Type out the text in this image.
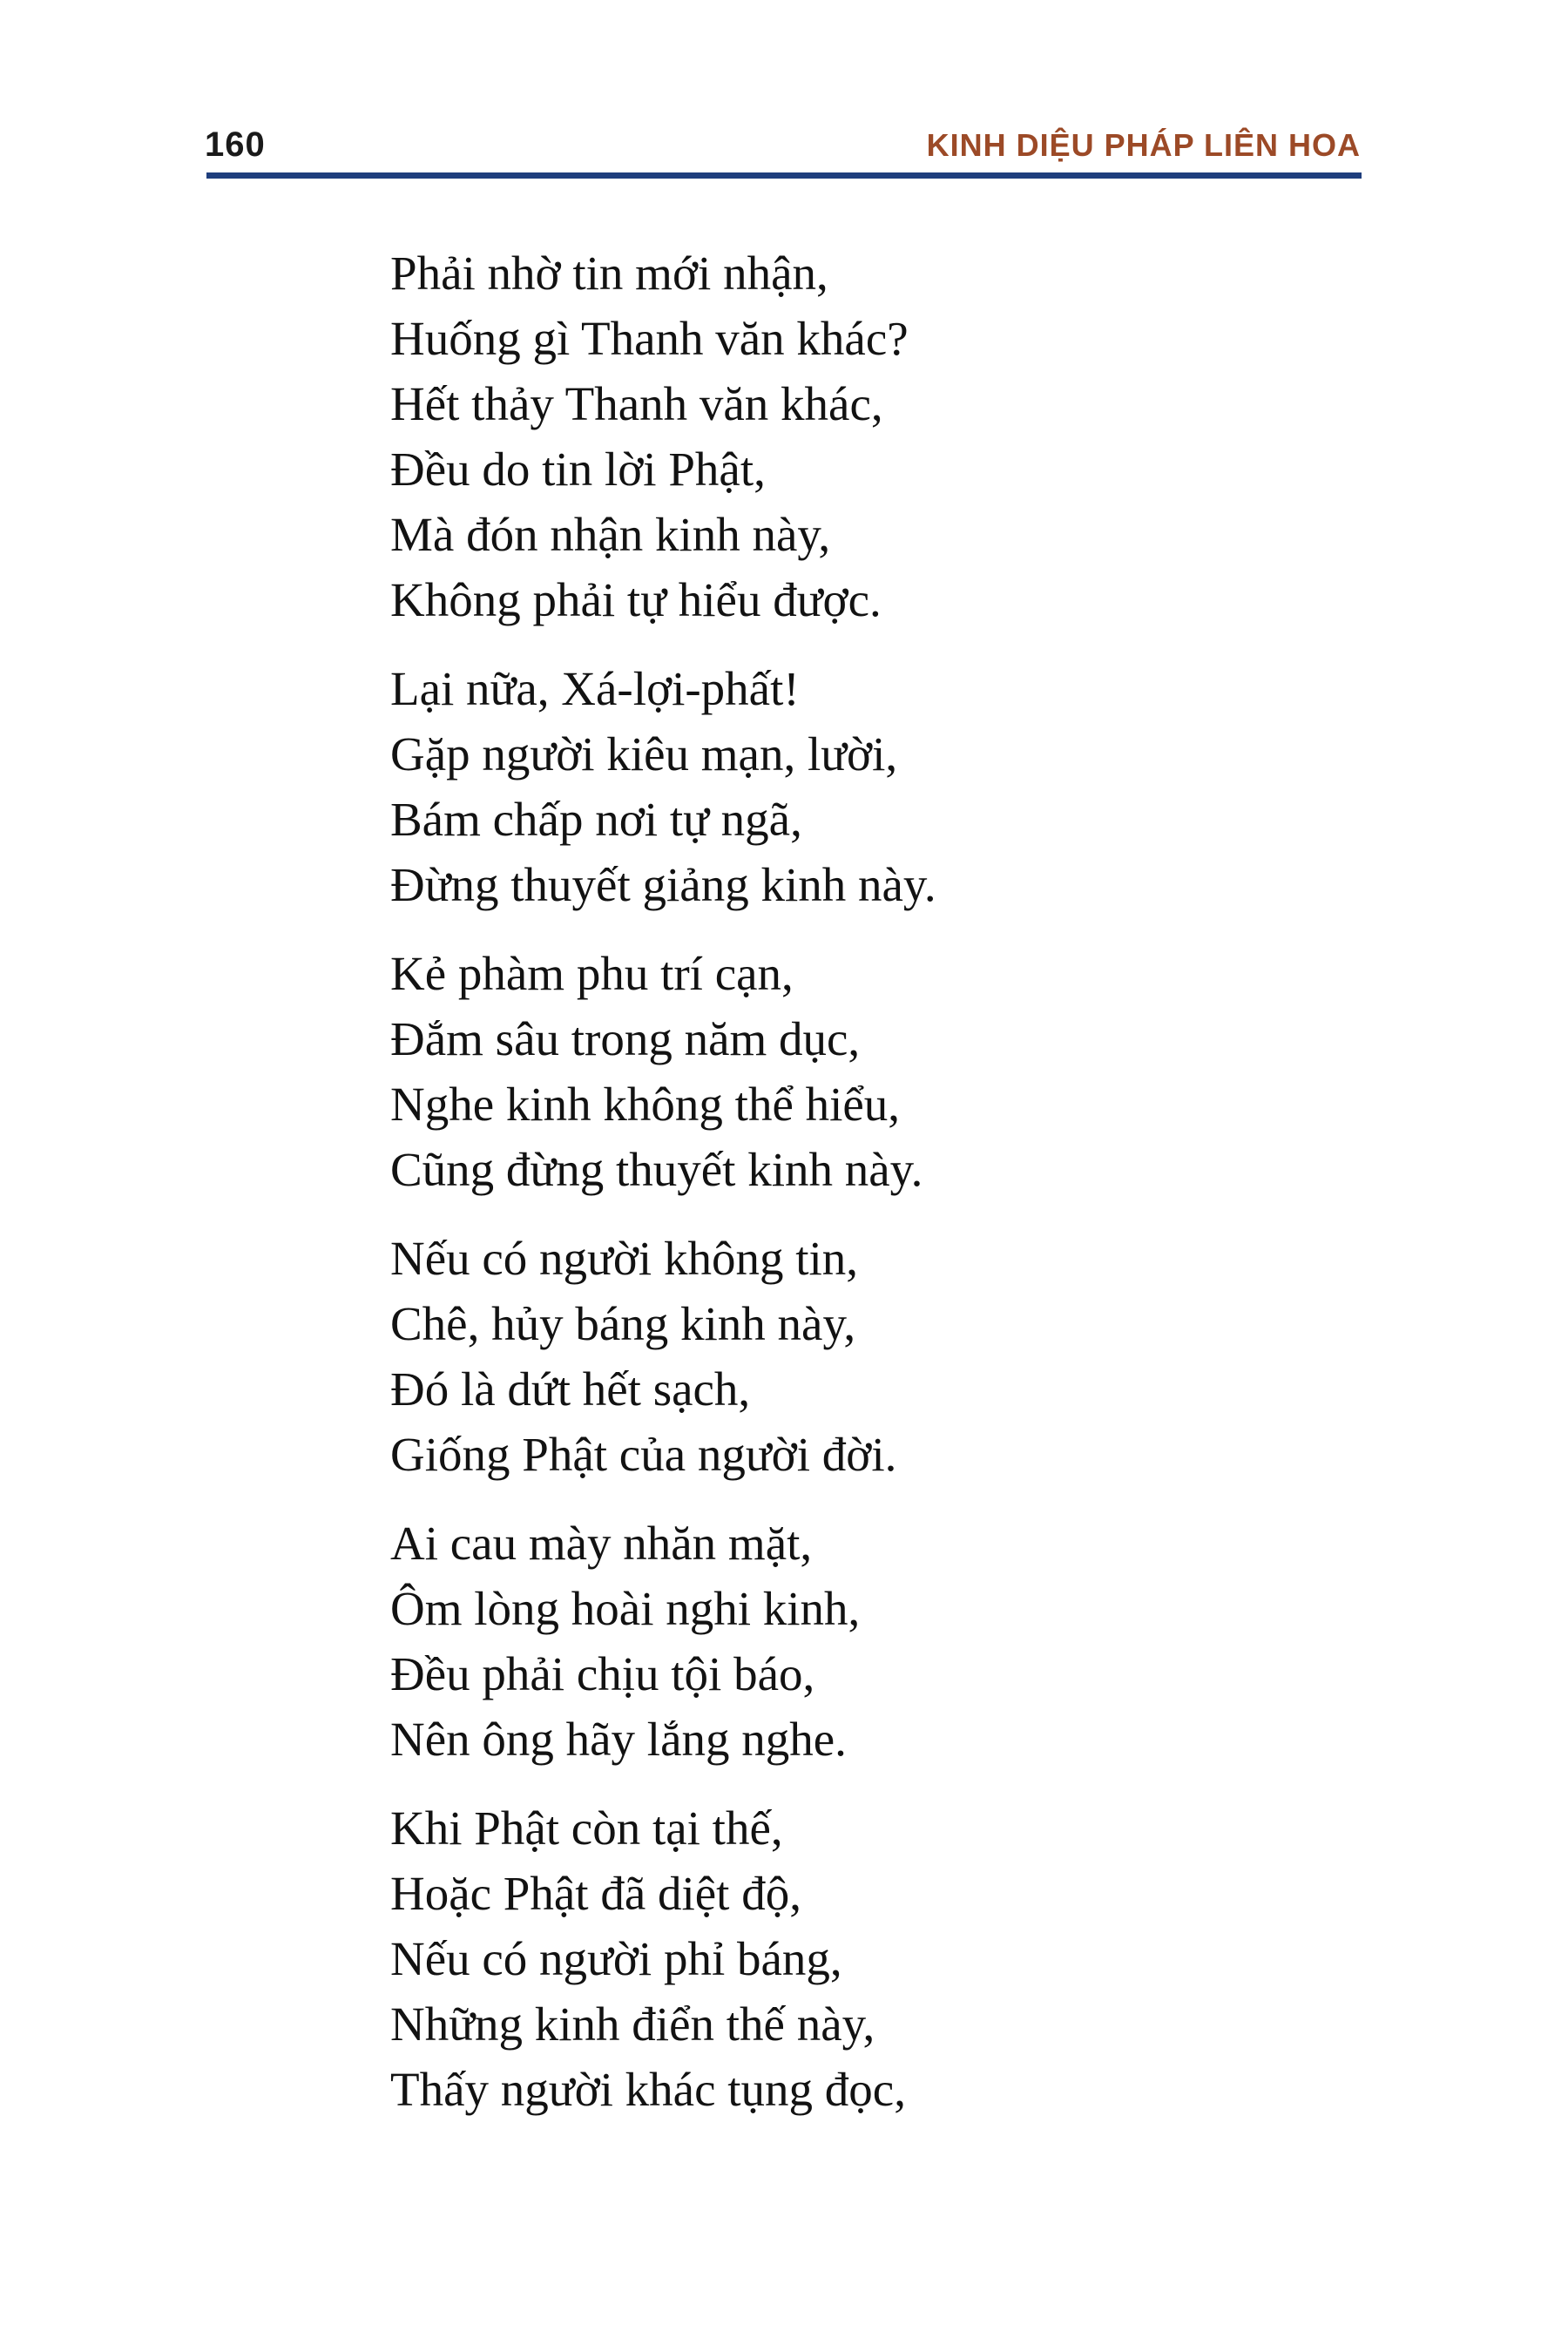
160	KINH DIỆU PHÁP LIÊN HOA
Phải nhờ tin mới nhận,
Huống gì Thanh văn khác?
Hết thảy Thanh văn khác,
Đều do tin lời Phật,
Mà đón nhận kinh này,
Không phải tự hiểu được.
Lại nữa, Xá-lợi-phất!
Gặp người kiêu mạn, lười,
Bám chấp nơi tự ngã,
Đừng thuyết giảng kinh này.
Kẻ phàm phu trí cạn,
Đắm sâu trong năm dục,
Nghe kinh không thể hiểu,
Cũng đừng thuyết kinh này.
Nếu có người không tin,
Chê, hủy báng kinh này,
Đó là dứt hết sạch,
Giống Phật của người đời.
Ai cau mày nhăn mặt,
Ôm lòng hoài nghi kinh,
Đều phải chịu tội báo,
Nên ông hãy lắng nghe.
Khi Phật còn tại thế,
Hoặc Phật đã diệt độ,
Nếu có người phỉ báng,
Những kinh điển thế này,
Thấy người khác tụng đọc,
